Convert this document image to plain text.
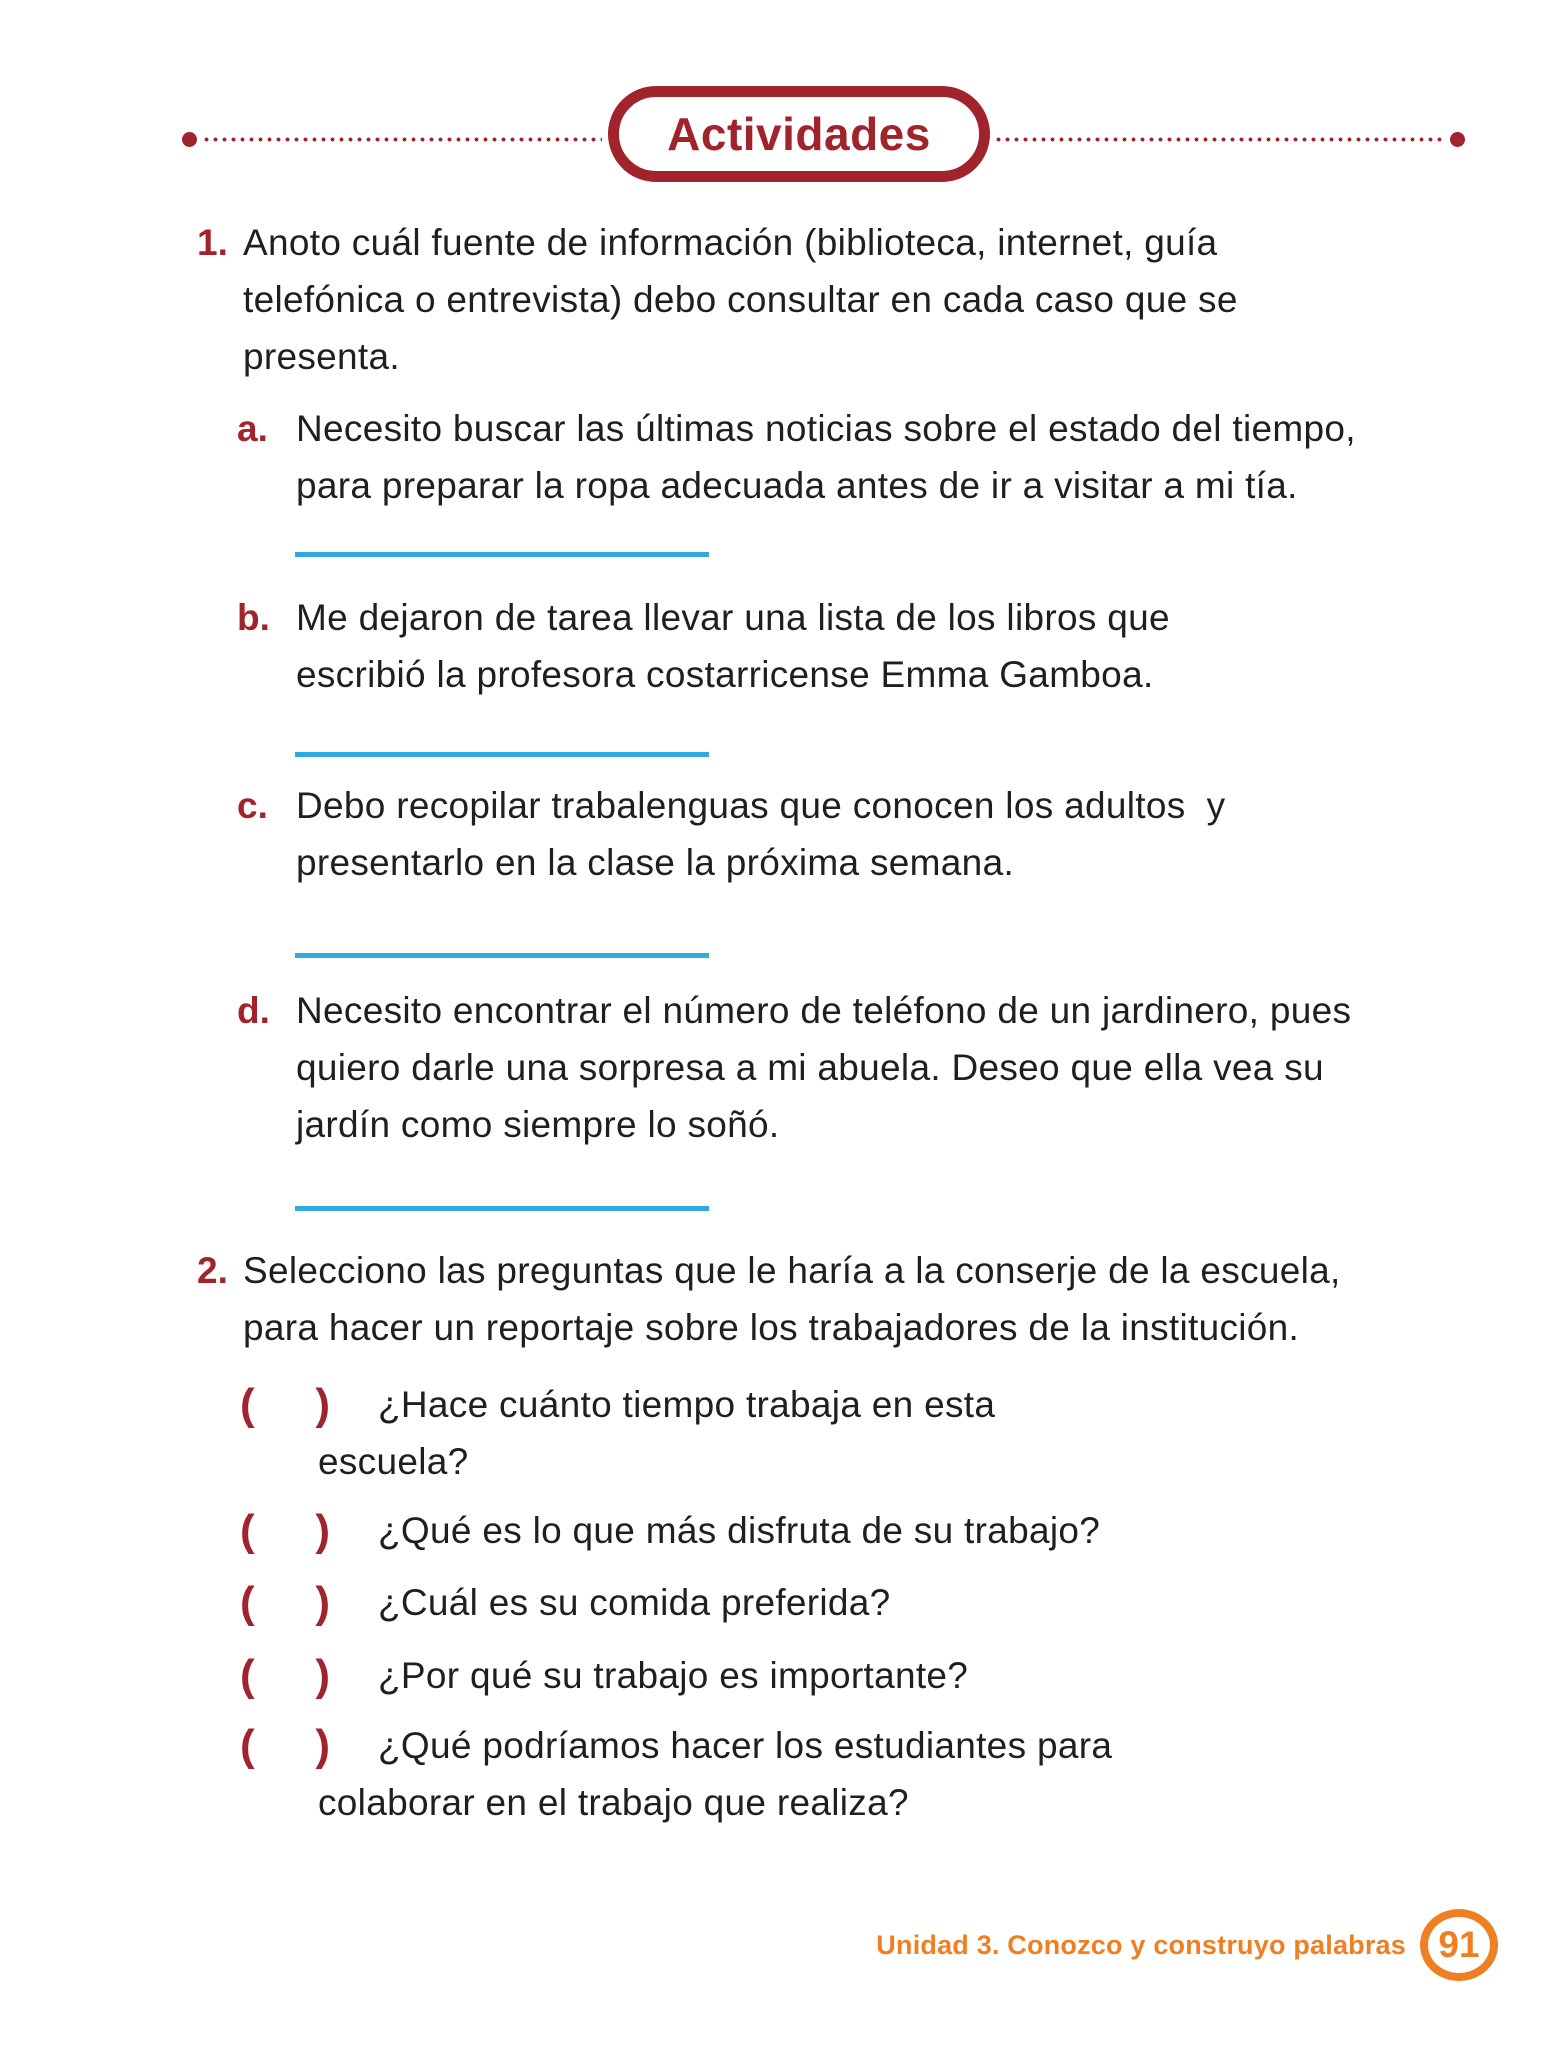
Actividades
1. Anoto cuál fuente de información (biblioteca, internet, guía
telefónica o entrevista) debo consultar en cada caso que se
presenta.
a. Necesito buscar las últimas noticias sobre el estado del tiempo,
para preparar la ropa adecuada antes de ir a visitar a mi tía.
b. Me dejaron de tarea llevar una lista de los libros que
escribió la profesora costarricense Emma Gamboa.
c. Debo recopilar trabalenguas que conocen los adultos  y
presentarlo en la clase la próxima semana.
d. Necesito encontrar el número de teléfono de un jardinero, pues
quiero darle una sorpresa a mi abuela. Deseo que ella vea su
jardín como siempre lo soñó.
2. Selecciono las preguntas que le haría a la conserje de la escuela,
para hacer un reportaje sobre los trabajadores de la institución.
( ) ¿Hace cuánto tiempo trabaja en esta
escuela?
( ) ¿Qué es lo que más disfruta de su trabajo?
( ) ¿Cuál es su comida preferida?
( ) ¿Por qué su trabajo es importante?
( ) ¿Qué podríamos hacer los estudiantes para
colaborar en el trabajo que realiza?
Unidad 3. Conozco y construyo palabras 91
